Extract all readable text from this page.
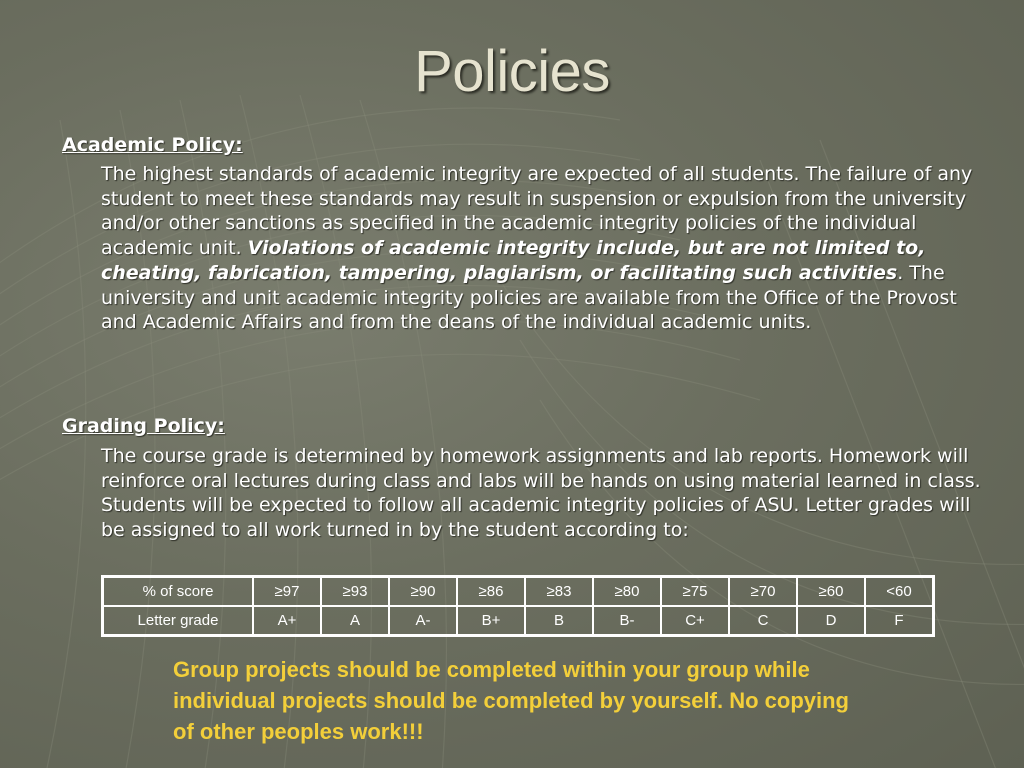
Policies
Academic Policy:
The highest standards of academic integrity are expected of all students. The failure of any student to meet these standards may result in suspension or expulsion from the university and/or other sanctions as specified in the academic integrity policies of the individual academic unit. Violations of academic integrity include, but are not limited to, cheating, fabrication, tampering, plagiarism, or facilitating such activities. The university and unit academic integrity policies are available from the Office of the Provost and Academic Affairs and from the deans of the individual academic units.
Grading Policy:
The course grade is determined by homework assignments and lab reports. Homework will reinforce oral lectures during class and labs will be hands on using material learned in class. Students will be expected to follow all academic integrity policies of ASU. Letter grades will be assigned to all work turned in by the student according to:
% of score	≥97	≥93	≥90	≥86	≥83	≥80	≥75	≥70	≥60	<60
Letter grade	A+	A	A-	B+	B	B-	C+	C	D	F
Group projects should be completed within your group while individual projects should be completed by yourself. No copying of other peoples work!!!
